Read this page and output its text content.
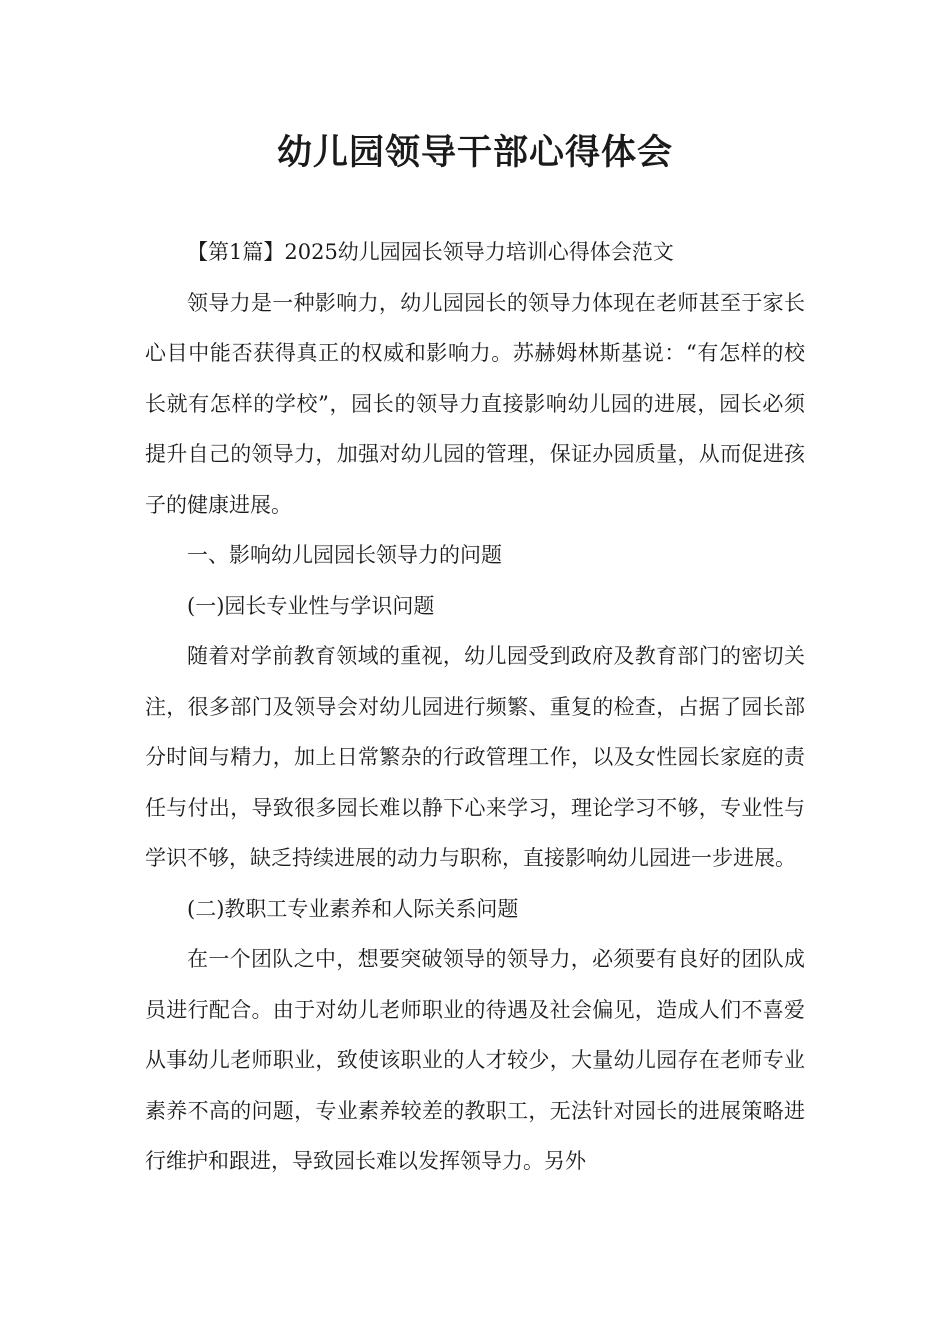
幼儿园领导干部心得体会

【第1篇】2025幼儿园园长领导力培训心得体会范文

领导力是一种影响力，幼儿园园长的领导力体现在老师甚至于家长心目中能否获得真正的权威和影响力。苏赫姆林斯基说：“有怎样的校长就有怎样的学校”，园长的领导力直接影响幼儿园的进展，园长必须提升自己的领导力，加强对幼儿园的管理，保证办园质量，从而促进孩子的健康进展。

一、影响幼儿园园长领导力的问题

(一)园长专业性与学识问题

随着对学前教育领域的重视，幼儿园受到政府及教育部门的密切关注，很多部门及领导会对幼儿园进行频繁、重复的检查，占据了园长部分时间与精力，加上日常繁杂的行政管理工作，以及女性园长家庭的责任与付出，导致很多园长难以静下心来学习，理论学习不够，专业性与学识不够，缺乏持续进展的动力与职称，直接影响幼儿园进一步进展。

(二)教职工专业素养和人际关系问题

在一个团队之中，想要突破领导的领导力，必须要有良好的团队成员进行配合。由于对幼儿老师职业的待遇及社会偏见，造成人们不喜爱从事幼儿老师职业，致使该职业的人才较少，大量幼儿园存在老师专业素养不高的问题，专业素养较差的教职工，无法针对园长的进展策略进行维护和跟进，导致园长难以发挥领导力。另外
